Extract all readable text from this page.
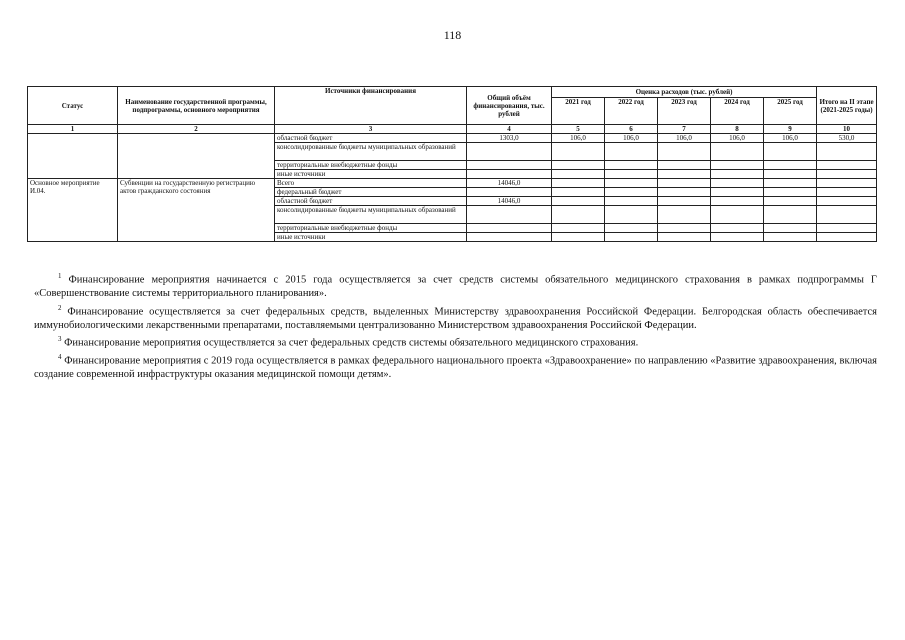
118
Статус	Наименование государственной программы, подпрограммы, основного мероприятия	Источники финансирования	Общий объём финансирования, тыс. рублей	Оценка расходов (тыс. рублей)					Итого на II этапе (2021-2025 годы)
				2021 год	2022 год	2023 год	2024 год	2025 год	
1	2	3	4	5	6	7	8	9	10
		областной бюджет	1303,0	106,0	106,0	106,0	106,0	106,0	530,0
		консолидированные бюджеты муниципальных образований							
		территориальные внебюджетные фонды							
		иные источники							
Основное мероприятие И.04.	Субвенции на государственную регистрацию актов гражданского состояния	Всего	14046,0						
		федеральный бюджет							
		областной бюджет	14046,0						
		консолидированные бюджеты муниципальных образований							
		территориальные внебюджетные фонды							
		иные источники							

$^1$ Финансирование мероприятия начинается с 2015 года осуществляется за счет средств системы обязательного медицинского страхования в рамках подпрограммы Г «Совершенствование системы территориального планирования».

$^2$ Финансирование осуществляется за счет федеральных средств, выделенных Министерству здравоохранения Российской Федерации. Белгородская область обеспечивается иммунобиологическими лекарственными препаратами, поставляемыми централизованно Министерством здравоохранения Российской Федерации.

$^3$ Финансирование мероприятия осуществляется за счет федеральных средств системы обязательного медицинского страхования.

$^4$ Финансирование мероприятия с 2019 года осуществляется в рамках федерального национального проекта «Здравоохранение» по направлению «Развитие здравоохранения, включая создание современной инфраструктуры оказания медицинской помощи детям».
